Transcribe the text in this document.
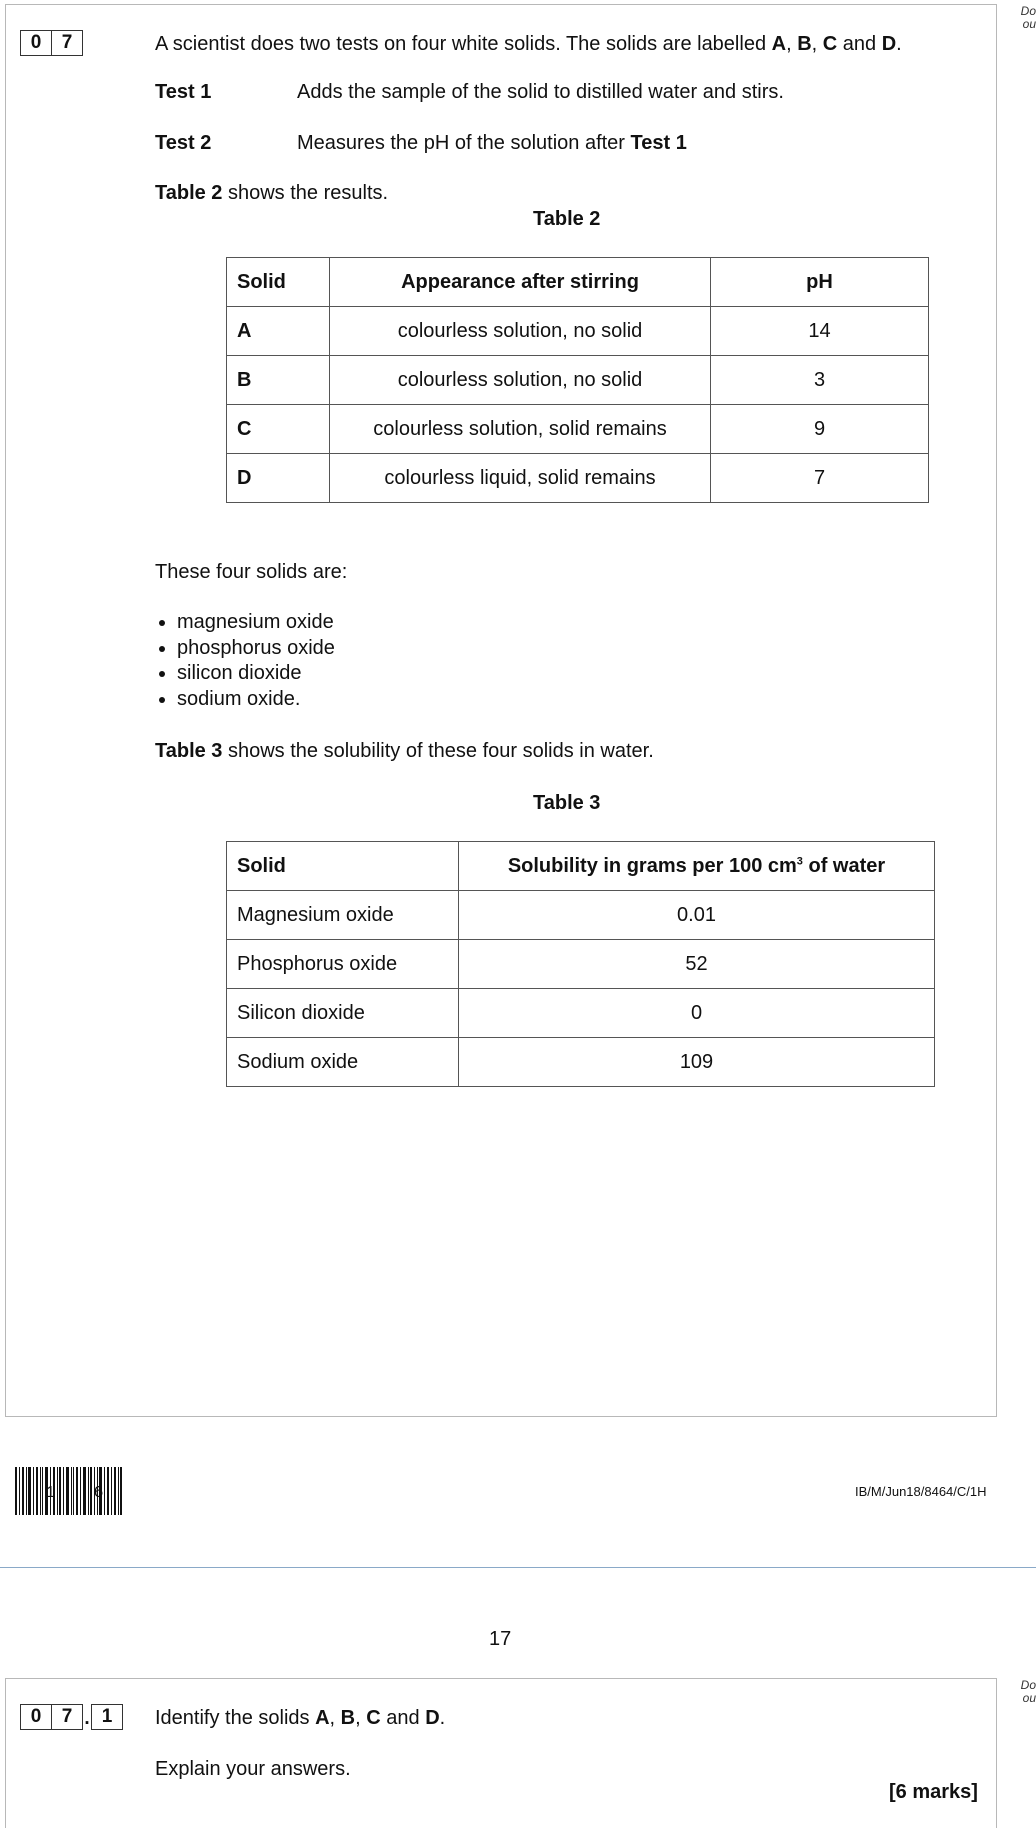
Do ou
0	7	A scientist does two tests on four white solids. The solids are labelled A, B, C and D.
Test 1	Adds the sample of the solid to distilled water and stirs.
Test 2	Measures the pH of the solution after Test 1
Table 2 shows the results.
Table 2
Solid	Appearance after stirring	pH
A	colourless solution, no solid	14
B	colourless solution, no solid	3
C	colourless solution, solid remains	9
D	colourless liquid, solid remains	7
These four solids are:
• magnesium oxide
• phosphorus oxide
• silicon dioxide
• sodium oxide.
Table 3 shows the solubility of these four solids in water.
Table 3
Solid	Solubility in grams per 100 $cm^3$ of water
Magnesium oxide	0.01
Phosphorus oxide	52
Silicon dioxide	0
Sodium oxide	109
1 6	IB/M/Jun18/8464/C/1H
17
Do ou
0	7 . 1	Identify the solids A, B, C and D.
Explain your answers.
[6 marks]
